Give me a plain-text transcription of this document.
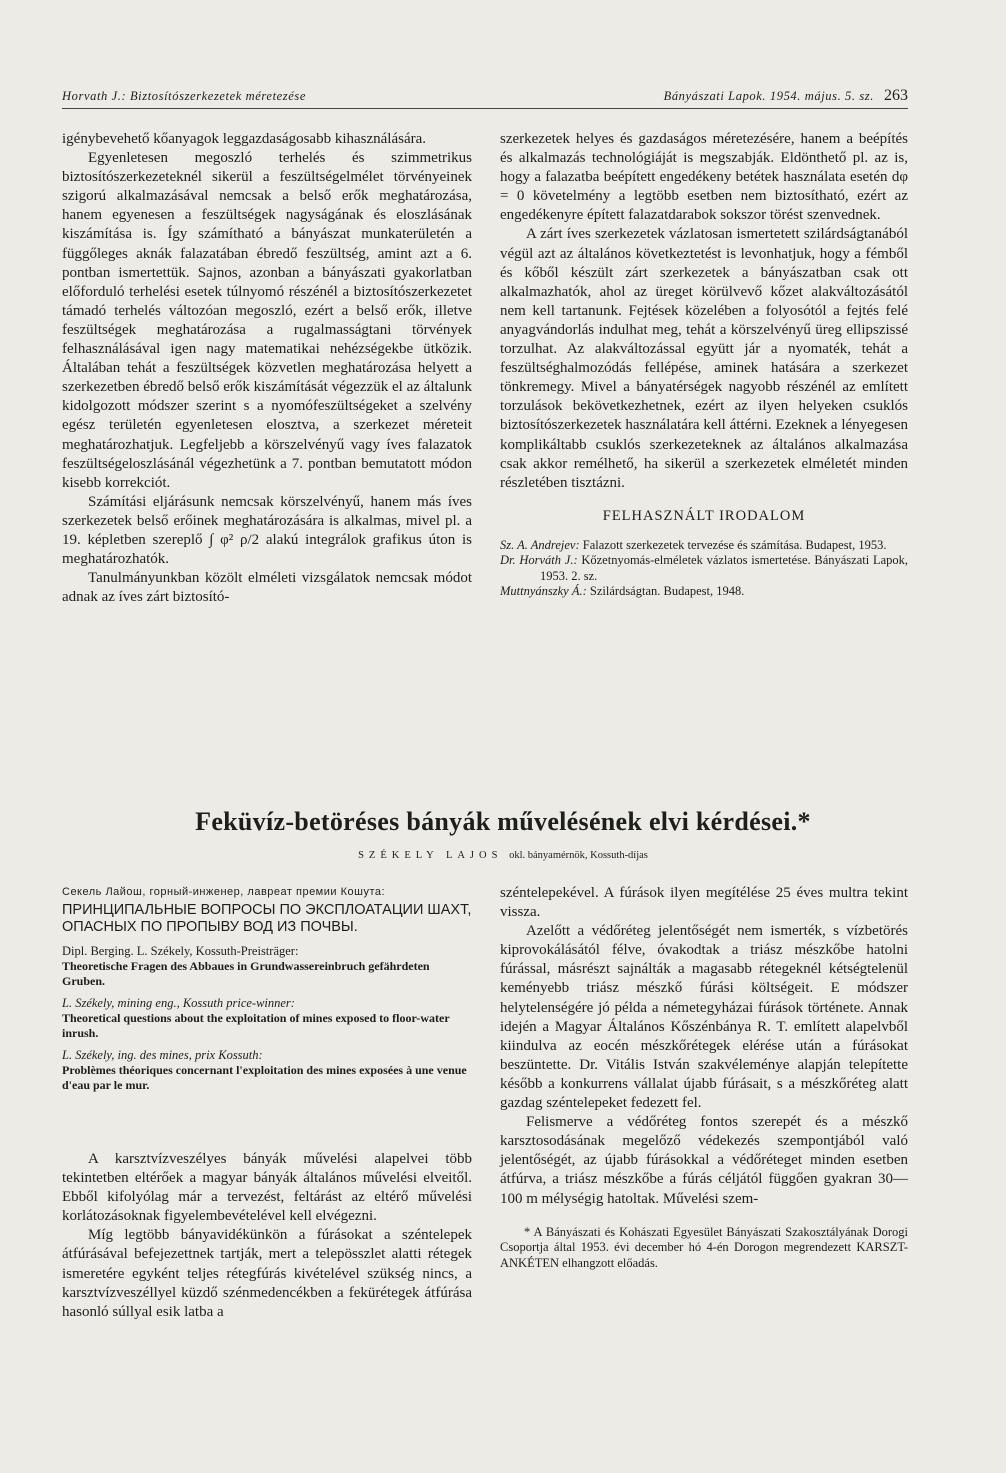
Horvath J.: Biztosítószerkezetek méretezése	Bányászati Lapok. 1954. május. 5. sz. 263

igénybevehető kőanyagok leggazdaságosabb kihasználására.

Egyenletesen megoszló terhelés és szimmetrikus biztosítószerkezeteknél sikerül a feszültségelmélet törvényeinek szigorú alkalmazásával nemcsak a belső erők meghatározása, hanem egyenesen a feszültségek nagyságának és eloszlásának kiszámítása is. Így számítható a bányászat munkaterületén a függőleges aknák falazatában ébredő feszültség, amint azt a 6. pontban ismertettük. Sajnos, azonban a bányászati gyakorlatban előforduló terhelési esetek túlnyomó részénél a biztosítószerkezetet támadó terhelés változóan megoszló, ezért a belső erők, illetve feszültségek meghatározása a rugalmasságtani törvények felhasználásával igen nagy matematikai nehézségekbe ütközik. Általában tehát a feszültségek közvetlen meghatározása helyett a szerkezetben ébredő belső erők kiszámítását végezzük el az általunk kidolgozott módszer szerint s a nyomófeszültségeket a szelvény egész területén egyenletesen elosztva, a szerkezet méreteit meghatározhatjuk. Legfeljebb a körszelvényű vagy íves falazatok feszültségeloszlásánál végezhetünk a 7. pontban bemutatott módon kisebb korrekciót.

Számítási eljárásunk nemcsak körszelvényű, hanem más íves szerkezetek belső erőinek meghatározására is alkalmas, mivel pl. a 19. képletben szereplő ∫ φ² ρ/2 alakú integrálok grafikus úton is meghatározhatók.

Tanulmányunkban közölt elméleti vizsgálatok nemcsak módot adnak az íves zárt biztosító-

szerkezetek helyes és gazdaságos méretezésére, hanem a beépítés és alkalmazás technológiáját is megszabják. Eldönthető pl. az is, hogy a falazatba beépített engedékeny betétek használata esetén dφ = 0 követelmény a legtöbb esetben nem biztosítható, ezért az engedékenyre épített falazatdarabok sokszor törést szenvednek.

A zárt íves szerkezetek vázlatosan ismertetett szilárdságtanából végül azt az általános következtetést is levonhatjuk, hogy a fémből és kőből készült zárt szerkezetek a bányászatban csak ott alkalmazhatók, ahol az üreget körülvevő kőzet alakváltozásától nem kell tartanunk. Fejtések közelében a folyosótól a fejtés felé anyagvándorlás indulhat meg, tehát a körszelvényű üreg ellipszissé torzulhat. Az alakváltozással együtt jár a nyomaték, tehát a feszültséghalmozódás fellépése, aminek hatására a szerkezet tönkremegy. Mivel a bányatérségek nagyobb részénél az említett torzulások bekövetkezhetnek, ezért az ilyen helyeken csuklós biztosítószerkezetek használatára kell áttérni. Ezeknek a lényegesen komplikáltabb csuklós szerkezeteknek az általános alkalmazása csak akkor remélhető, ha sikerül a szerkezetek elméletét minden részletében tisztázni.

FELHASZNÁLT IRODALOM

Sz. A. Andrejev: Falazott szerkezetek tervezése és számítása. Budapest, 1953.

Dr. Horváth J.: Kőzetnyomás-elméletek vázlatos ismertetése. Bányászati Lapok, 1953. 2. sz.

Muttnyánszky Á.: Szilárdságtan. Budapest, 1948.

Feküvíz-betöréses bányák művelésének elvi kérdései.*
SZÉKELY LAJOS okl. bányamérnök, Kossuth-díjas
Секель Лайош, горный-инженер, лавреат премии Кошута:
ПРИНЦИПАЛЬНЫЕ ВОПРОСЫ ПО ЭКСПЛОАТАЦИИ ШАХТ, ОПАСНЫХ ПО ПРОПЫВУ ВОД ИЗ ПОЧВЫ.
Dipl. Berging. L. Székely, Kossuth-Preisträger:
Theoretische Fragen des Abbaues in Grundwassereinbruch gefährdeten Gruben.
L. Székely, mining eng., Kossuth price-winner:
Theoretical questions about the exploitation of mines exposed to floor-water inrush.
L. Székely, ing. des mines, prix Kossuth:
Problèmes théoriques concernant l'exploitation des mines exposées à une venue d'eau par le mur.

A karsztvízveszélyes bányák művelési alapelvei több tekintetben eltérőek a magyar bányák általános művelési elveitől. Ebből kifolyólag már a tervezést, feltárást az eltérő művelési korlátozásoknak figyelembevételével kell elvégezni.

Míg legtöbb bányavidékünkön a fúrásokat a széntelepek átfúrásával befejezettnek tartják, mert a telepösszlet alatti rétegek ismeretére egyként teljes rétegfúrás kivételével szükség nincs, a karsztvízveszéllyel küzdő szénmedencékben a fekürétegek átfúrása hasonló súllyal esik latba a

széntelepekével. A fúrások ilyen megítélése 25 éves multra tekint vissza.

Azelőtt a védőréteg jelentőségét nem ismerték, s vízbetörés kiprovokálásától félve, óvakodtak a triász mészkőbe hatolni fúrással, másrészt sajnálták a magasabb rétegeknél kétségtelenül keményebb triász mészkő fúrási költségeit. E módszer helytelenségére jó példa a németegyházai fúrások története. Annak idején a Magyar Általános Kőszénbánya R. T. említett alapelvből kiindulva az eocén mészkőrétegek elérése után a fúrásokat beszüntette. Dr. Vitális István szakvéleménye alapján telepítette később a konkurrens vállalat újabb fúrásait, s a mészkőréteg alatt gazdag széntelepeket fedezett fel.

Felismerve a védőréteg fontos szerepét és a mészkő karsztosodásának megelőző védekezés szempontjából való jelentőségét, az újabb fúrásokkal a védőréteget minden esetben átfúrva, a triász mészkőbe a fúrás céljától függően gyakran 30—100 m mélységig hatoltak. Művelési szem-

* A Bányászati és Kohászati Egyesület Bányászati Szakosztályának Dorogi Csoportja által 1953. évi december hó 4-én Dorogon megrendezett KARSZT-ANKÉTEN elhangzott előadás.
